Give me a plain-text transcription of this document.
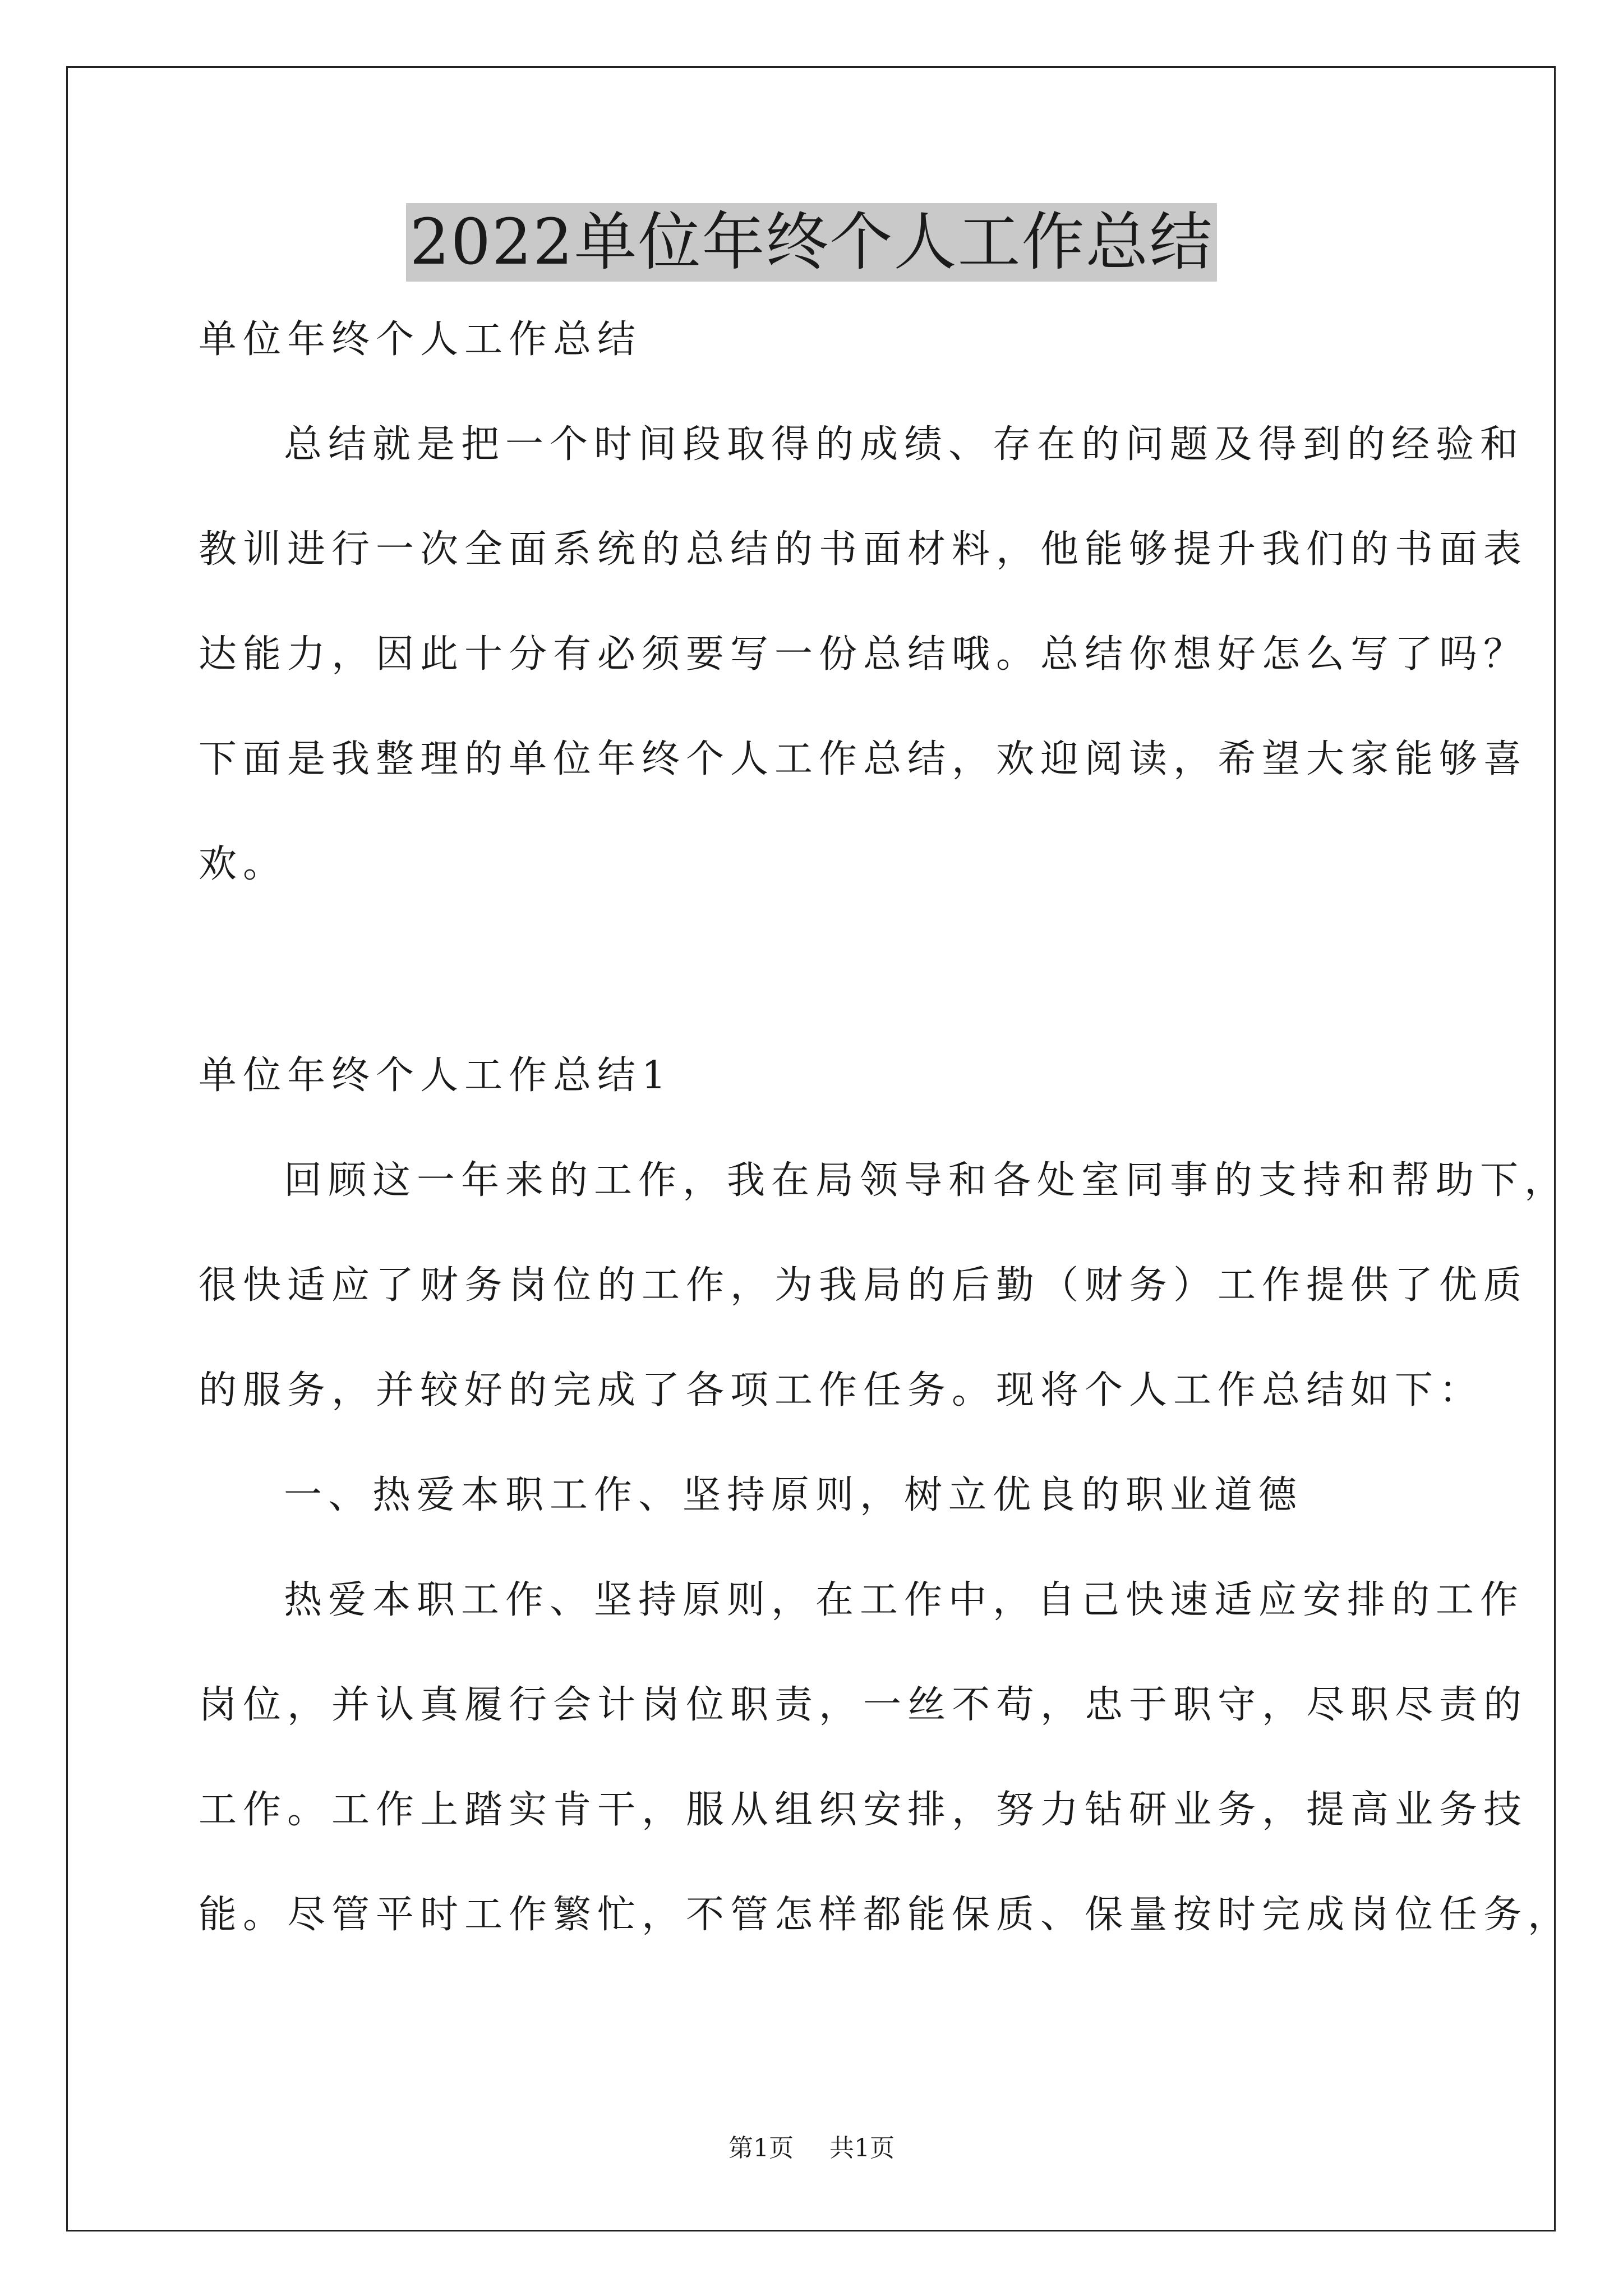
2022单位年终个人工作总结

单位年终个人工作总结

总结就是把一个时间段取得的成绩、存在的问题及得到的经验和

教训进行一次全面系统的总结的书面材料，他能够提升我们的书面表

达能力，因此十分有必须要写一份总结哦。总结你想好怎么写了吗？

下面是我整理的单位年终个人工作总结，欢迎阅读，希望大家能够喜

欢。

单位年终个人工作总结1

回顾这一年来的工作，我在局领导和各处室同事的支持和帮助下，

很快适应了财务岗位的工作，为我局的后勤（财务）工作提供了优质

的服务，并较好的完成了各项工作任务。现将个人工作总结如下：

一、热爱本职工作、坚持原则，树立优良的职业道德

热爱本职工作、坚持原则，在工作中，自己快速适应安排的工作

岗位，并认真履行会计岗位职责，一丝不苟，忠于职守，尽职尽责的

工作。工作上踏实肯干，服从组织安排，努力钻研业务，提高业务技

能。尽管平时工作繁忙，不管怎样都能保质、保量按时完成岗位任务，

第1页 共1页
